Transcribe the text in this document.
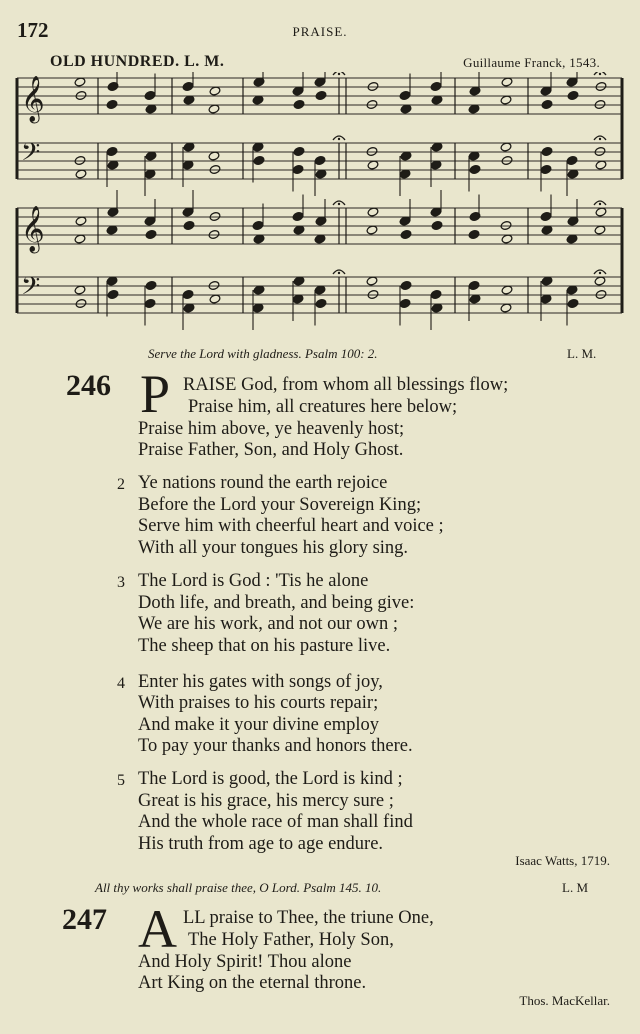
172	PRAISE.
OLD HUNDRED. L. M.	Guillaume Franck, 1543.
𝄞
𝄢
𝄞
𝄢
Serve the Lord with gladness. Psalm 100: 2.	L. M.
246 P RAISE God, from whom all blessings flow;
Praise him, all creatures here below;
Praise him above, ye heavenly host;
Praise Father, Son, and Holy Ghost.
2 Ye nations round the earth rejoice
Before the Lord your Sovereign King;
Serve him with cheerful heart and voice ;
With all your tongues his glory sing.
3 The Lord is God : 'Tis he alone
Doth life, and breath, and being give:
We are his work, and not our own ;
The sheep that on his pasture live.
4 Enter his gates with songs of joy,
With praises to his courts repair;
And make it your divine employ
To pay your thanks and honors there.
5 The Lord is good, the Lord is kind ;
Great is his grace, his mercy sure ;
And the whole race of man shall find
His truth from age to age endure.
Isaac Watts, 1719.
All thy works shall praise thee, O Lord. Psalm 145. 10.	L. M
247 A LL praise to Thee, the triune One,
The Holy Father, Holy Son,
And Holy Spirit! Thou alone
Art King on the eternal throne.
Thos. MacKellar.
